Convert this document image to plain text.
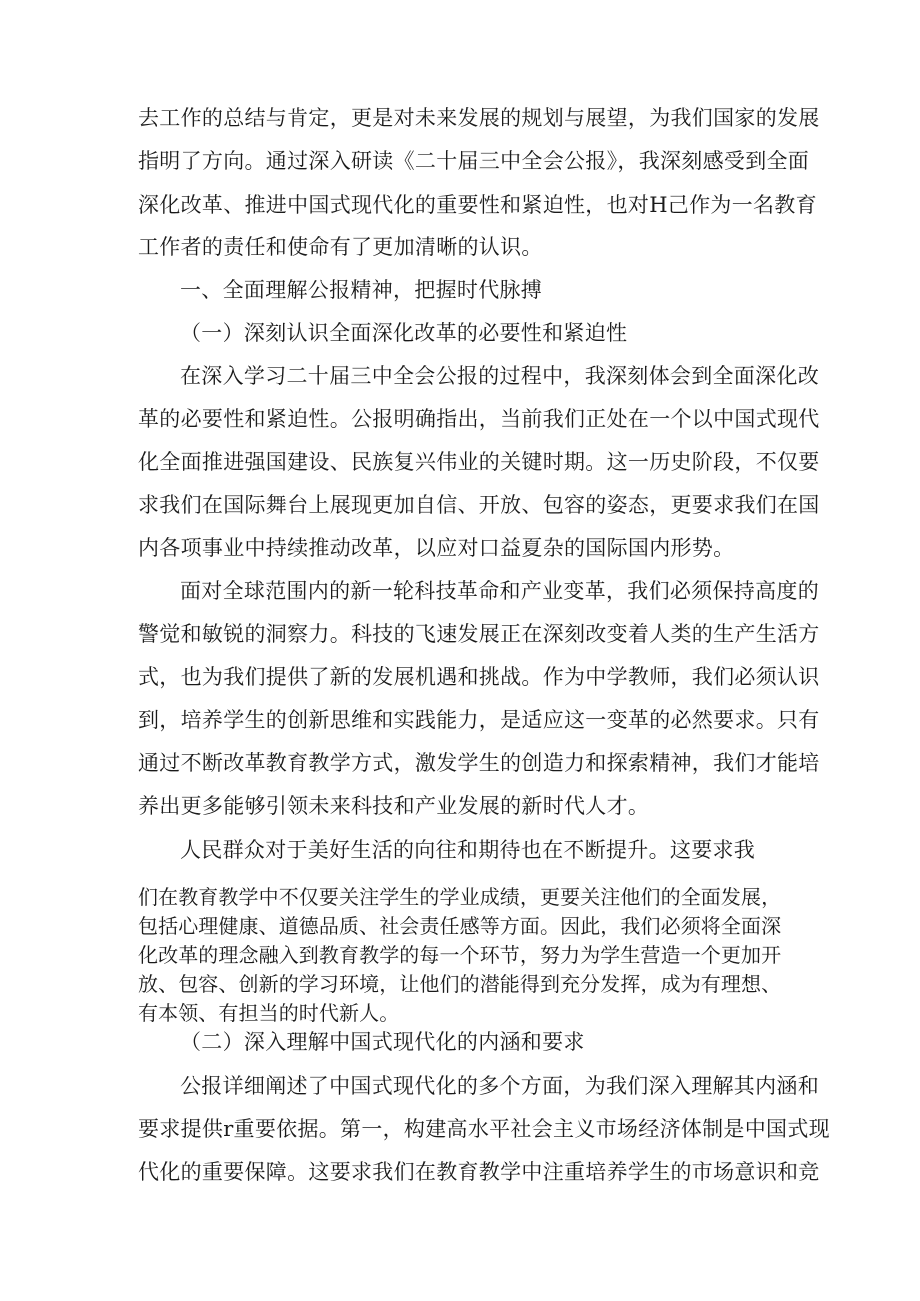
去工作的总结与肯定，更是对未来发展的规划与展望，为我们国家的发展
指明了方向。通过深入研读《二十届三中全会公报》，我深刻感受到全面
深化改革、推进中国式现代化的重要性和紧迫性，也对H己作为一名教育
工作者的责任和使命有了更加清晰的认识。
一、全面理解公报精神，把握时代脉搏
（一）深刻认识全面深化改革的必要性和紧迫性
在深入学习二十届三中全会公报的过程中，我深刻体会到全面深化改
革的必要性和紧迫性。公报明确指出，当前我们正处在一个以中国式现代
化全面推进强国建设、民族复兴伟业的关键时期。这一历史阶段，不仅要
求我们在国际舞台上展现更加自信、开放、包容的姿态，更要求我们在国
内各项事业中持续推动改革，以应对口益夏杂的国际国内形势。
面对全球范围内的新一轮科技革命和产业变革，我们必须保持高度的
警觉和敏锐的洞察力。科技的飞速发展正在深刻改变着人类的生产生活方
式，也为我们提供了新的发展机遇和挑战。作为中学教师，我们必须认识
到，培养学生的创新思维和实践能力，是适应这一变革的必然要求。只有
通过不断改革教育教学方式，激发学生的创造力和探索精神，我们才能培
养出更多能够引领未来科技和产业发展的新时代人才。
人民群众对于美好生活的向往和期待也在不断提升。这要求我
们在教育教学中不仅要关注学生的学业成绩，更要关注他们的全面发展，
包括心理健康、道德品质、社会责任感等方面。因此，我们必须将全面深
化改革的理念融入到教育教学的每一个环节，努力为学生营造一个更加开
放、包容、创新的学习环境，让他们的潜能得到充分发挥，成为有理想、
有本领、有担当的时代新人。
（二）深入理解中国式现代化的内涵和要求
公报详细阐述了中国式现代化的多个方面，为我们深入理解其内涵和
要求提供r重要依据。第一，构建高水平社会主义市场经济体制是中国式现
代化的重要保障。这要求我们在教育教学中注重培养学生的市场意识和竞
